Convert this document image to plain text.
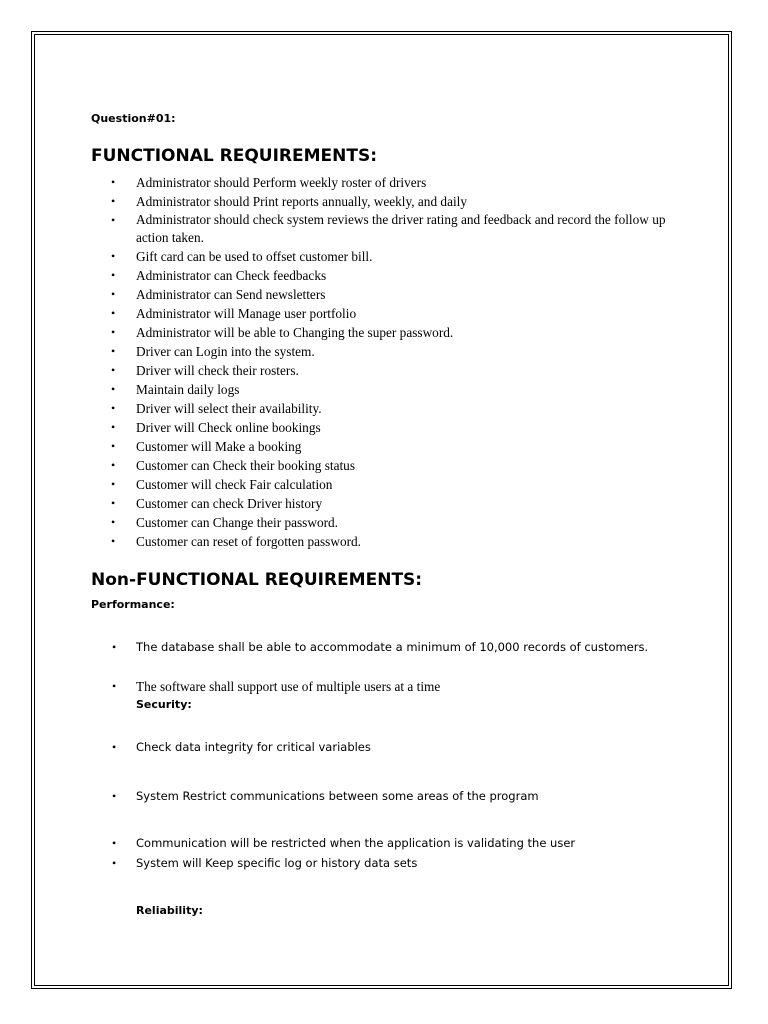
Question#01:
FUNCTIONAL REQUIREMENTS:
• Administrator should Perform weekly roster of drivers
• Administrator should Print reports annually, weekly, and daily
• Administrator should check system reviews the driver rating and feedback and record the follow up action taken.
• Gift card can be used to offset customer bill.
• Administrator can Check feedbacks
• Administrator can Send newsletters
• Administrator will Manage user portfolio
• Administrator will be able to Changing the super password.
• Driver can Login into the system.
• Driver will check their rosters.
• Maintain daily logs
• Driver will select their availability.
• Driver will Check online bookings
• Customer will Make a booking
• Customer can Check their booking status
• Customer will check Fair calculation
• Customer can check Driver history
• Customer can Change their password.
• Customer can reset of forgotten password.
Non-FUNCTIONAL REQUIREMENTS:
Performance:
• The database shall be able to accommodate a minimum of 10,000 records of customers.
• The software shall support use of multiple users at a time
Security:
• Check data integrity for critical variables
• System Restrict communications between some areas of the program
• Communication will be restricted when the application is validating the user
• System will Keep specific log or history data sets
Reliability:
